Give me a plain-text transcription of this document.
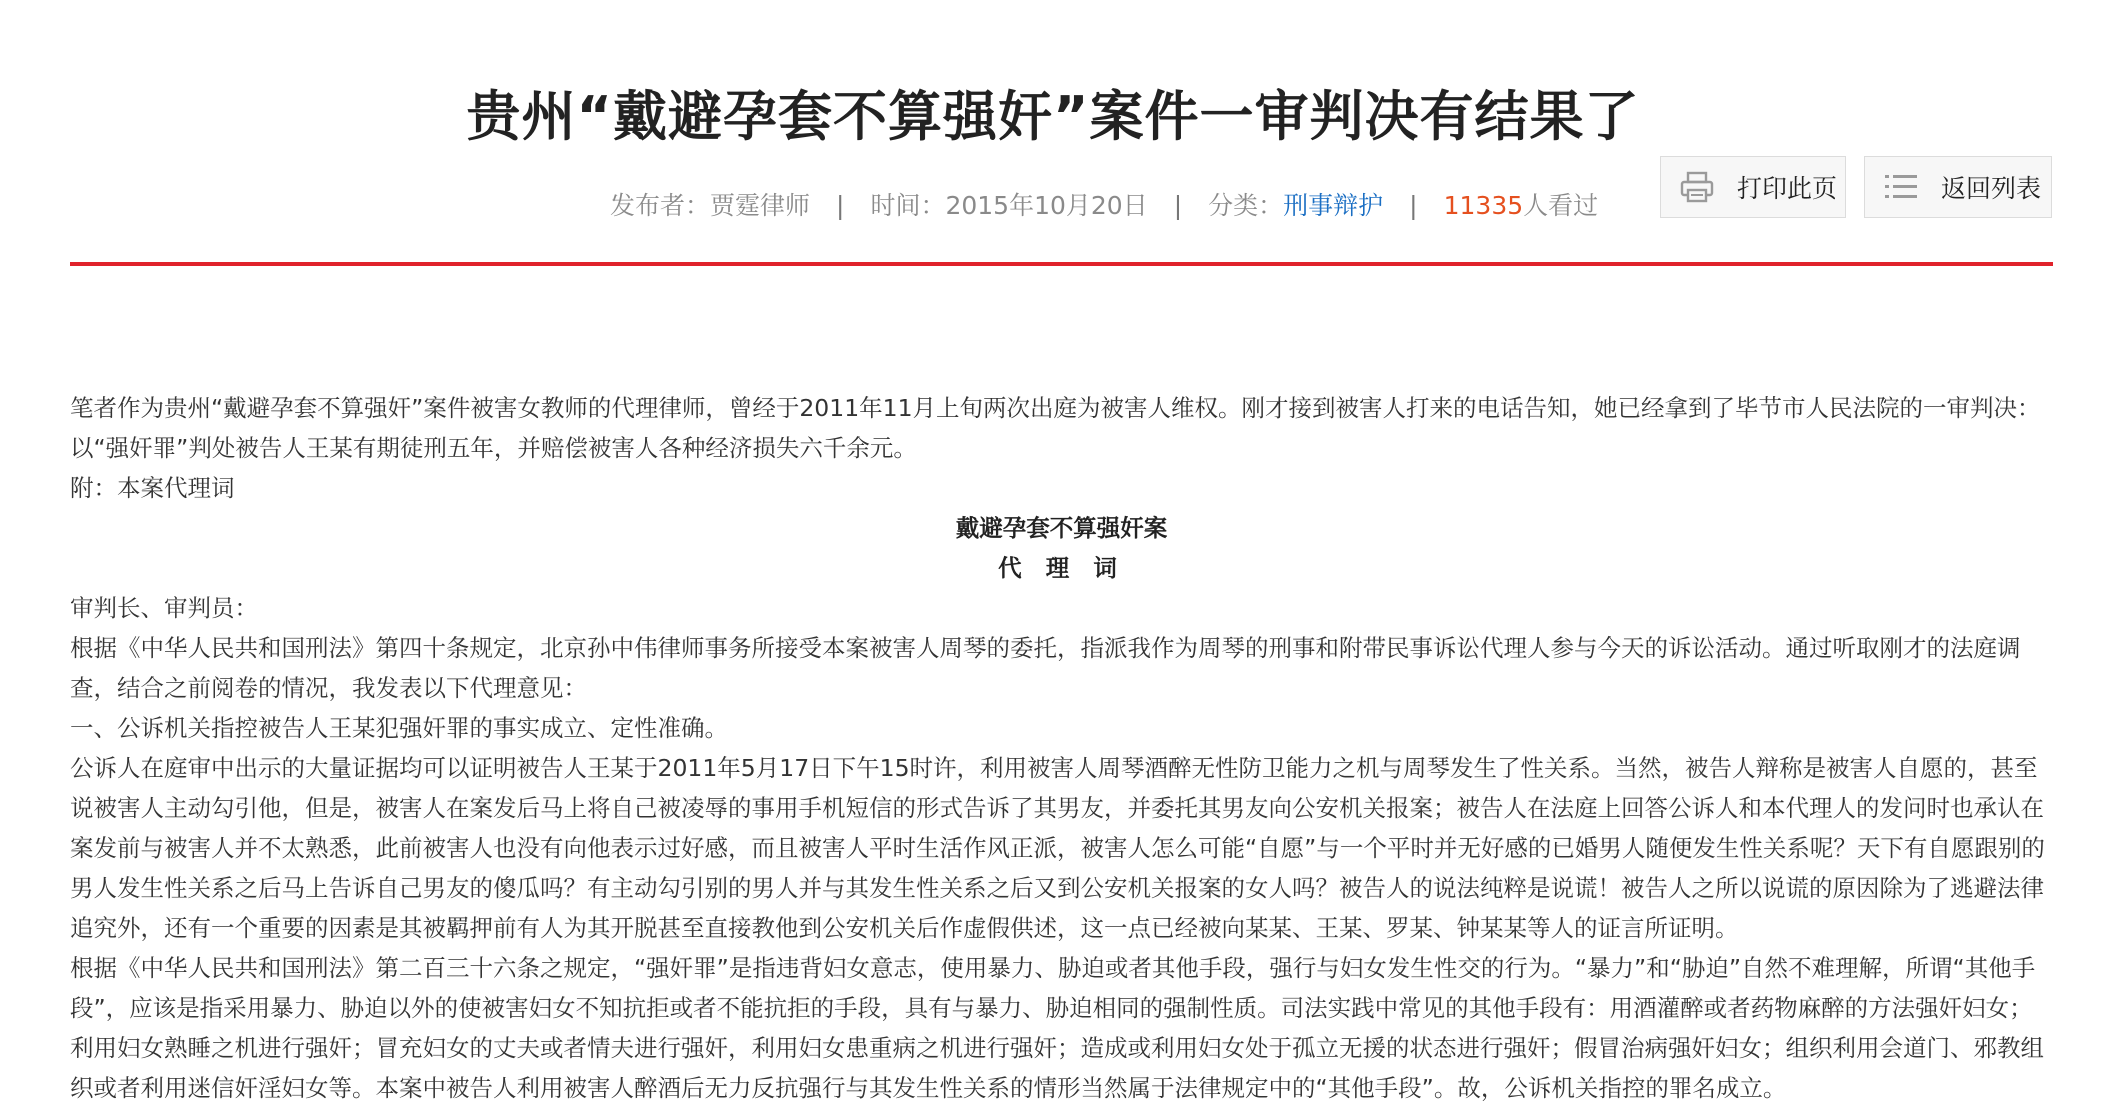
贵州“戴避孕套不算强奸”案件一审判决有结果了
发布者：贾霆律师 | 时间：2015年10月20日 | 分类：刑事辩护 | 11335人看过
打印此页	返回列表

笔者作为贵州“戴避孕套不算强奸”案件被害女教师的代理律师，曾经于2011年11月上旬两次出庭为被害人维权。刚才接到被害人打来的电话告知，她已经拿到了毕节市人民法院的一审判决：以“强奸罪”判处被告人王某有期徒刑五年，并赔偿被害人各种经济损失六千余元。

附：本案代理词

戴避孕套不算强奸案

代 理 词

审判长、审判员：

根据《中华人民共和国刑法》第四十条规定，北京孙中伟律师事务所接受本案被害人周琴的委托，指派我作为周琴的刑事和附带民事诉讼代理人参与今天的诉讼活动。通过听取刚才的法庭调查，结合之前阅卷的情况，我发表以下代理意见：

一、公诉机关指控被告人王某犯强奸罪的事实成立、定性准确。

公诉人在庭审中出示的大量证据均可以证明被告人王某于2011年5月17日下午15时许，利用被害人周琴酒醉无性防卫能力之机与周琴发生了性关系。当然，被告人辩称是被害人自愿的，甚至说被害人主动勾引他，但是，被害人在案发后马上将自己被凌辱的事用手机短信的形式告诉了其男友，并委托其男友向公安机关报案；被告人在法庭上回答公诉人和本代理人的发问时也承认在案发前与被害人并不太熟悉，此前被害人也没有向他表示过好感，而且被害人平时生活作风正派，被害人怎么可能“自愿”与一个平时并无好感的已婚男人随便发生性关系呢？天下有自愿跟别的男人发生性关系之后马上告诉自己男友的傻瓜吗？有主动勾引别的男人并与其发生性关系之后又到公安机关报案的女人吗？被告人的说法纯粹是说谎！被告人之所以说谎的原因除为了逃避法律追究外，还有一个重要的因素是其被羁押前有人为其开脱甚至直接教他到公安机关后作虚假供述，这一点已经被向某某、王某、罗某、钟某某等人的证言所证明。

根据《中华人民共和国刑法》第二百三十六条之规定，“强奸罪”是指违背妇女意志，使用暴力、胁迫或者其他手段，强行与妇女发生性交的行为。“暴力”和“胁迫”自然不难理解，所谓“其他手段”，应该是指采用暴力、胁迫以外的使被害妇女不知抗拒或者不能抗拒的手段，具有与暴力、胁迫相同的强制性质。司法实践中常见的其他手段有：用酒灌醉或者药物麻醉的方法强奸妇女；利用妇女熟睡之机进行强奸；冒充妇女的丈夫或者情夫进行强奸，利用妇女患重病之机进行强奸；造成或利用妇女处于孤立无援的状态进行强奸；假冒治病强奸妇女；组织利用会道门、邪教组织或者利用迷信奸淫妇女等。本案中被告人利用被害人醉酒后无力反抗强行与其发生性关系的情形当然属于法律规定中的“其他手段”。故，公诉机关指控的罪名成立。
